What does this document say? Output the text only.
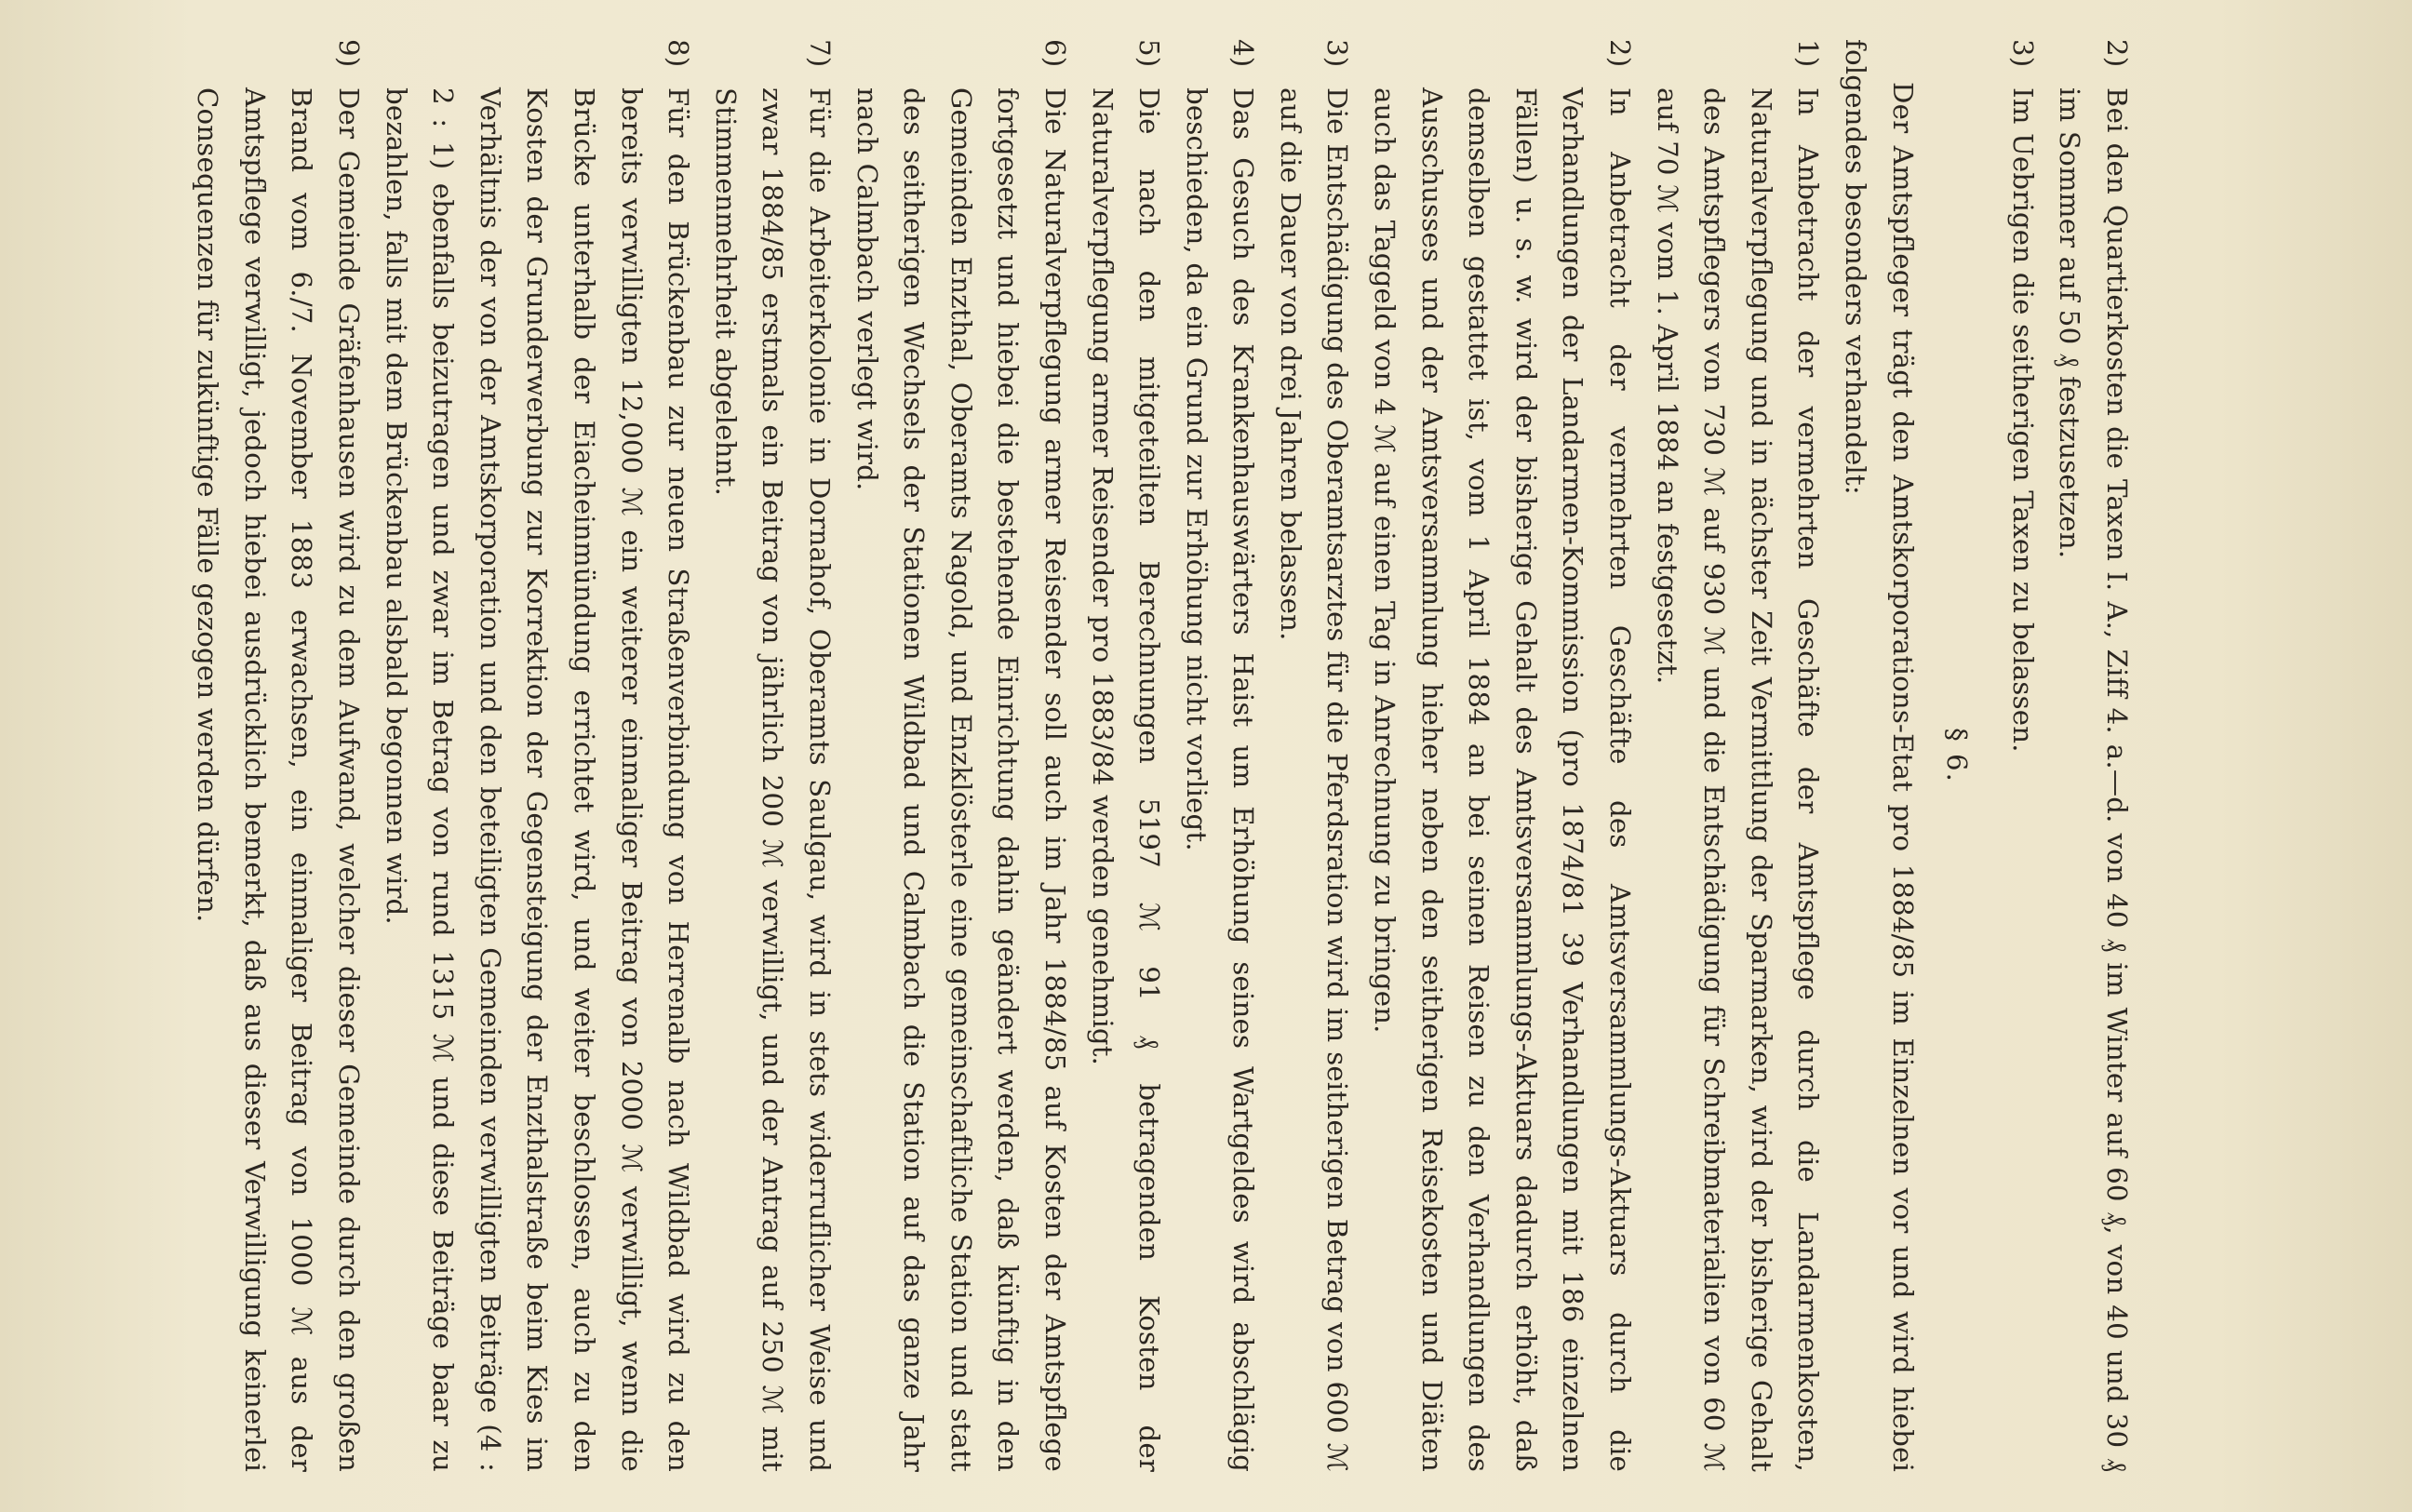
2)
Bei den Quartierkosten die Taxen I. A., Ziff 4. a.—d. von 40 ₰ im Winter auf 60 ₰, von 40 und 30 ₰ im Sommer auf 50 ₰ festzusetzen.
3)
Im Uebrigen die seitherigen Taxen zu belassen.
§ 6.

Der Amtspfleger trägt den Amtskorporations-Etat pro 1884/85 im Einzelnen vor und wird hiebei folgendes besonders verhandelt:

1)
In Anbetracht der vermehrten Geschäfte der Amtspflege durch die Landarmenkosten, Naturalverpflegung und in nächster Zeit Vermittlung der Sparmarken, wird der bisherige Gehalt des Amtspflegers von 730 ℳ auf 930 ℳ und die Entschädigung für Schreibmaterialien von 60 ℳ auf 70 ℳ vom 1. April 1884 an festgesetzt.
2)
In Anbetracht der vermehrten Geschäfte des Amtsversammlungs-Aktuars durch die Verhandlungen der Landarmen-Kommission (pro 1874/81 39 Verhandlungen mit 186 einzelnen Fällen) u. s. w. wird der bisherige Gehalt des Amtsversammlungs-Aktuars dadurch erhöht, daß demselben gestattet ist, vom 1 April 1884 an bei seinen Reisen zu den Verhandlungen des Ausschusses und der Amtsversammlung hieher neben den seitherigen Reisekosten und Diäten auch das Taggeld von 4 ℳ auf einen Tag in Anrechnung zu bringen.
3)
Die Entschädigung des Oberamtsarztes für die Pferdsration wird im seitherigen Betrag von 600 ℳ auf die Dauer von drei Jahren belassen.
4)
Das Gesuch des Krankenhauswärters Haist um Erhöhung seines Wartgeldes wird abschlägig beschieden, da ein Grund zur Erhöhung nicht vorliegt.
5)
Die nach den mitgeteilten Berechnungen 5197 ℳ 91 ₰ betragenden Kosten der Naturalverpflegung armer Reisender pro 1883/84 werden genehmigt.
6)
Die Naturalverpflegung armer Reisender soll auch im Jahr 1884/85 auf Kosten der Amtspflege fortgesetzt und hiebei die bestehende Einrichtung dahin geändert werden, daß künftig in den Gemeinden Enzthal, Oberamts Nagold, und Enzklösterle eine gemeinschaftliche Station und statt des seitherigen Wechsels der Stationen Wildbad und Calmbach die Station auf das ganze Jahr nach Calmbach verlegt wird.
7)
Für die Arbeiterkolonie in Dornahof, Oberamts Saulgau, wird in stets widerruflicher Weise und zwar 1884/85 erstmals ein Beitrag von jährlich 200 ℳ verwilligt, und der Antrag auf 250 ℳ mit Stimmenmehrheit abgelehnt.
8)
Für den Brückenbau zur neuen Straßenverbindung von Herrenalb nach Wildbad wird zu den bereits verwilligten 12,000 ℳ ein weiterer einmaliger Beitrag von 2000 ℳ verwilligt, wenn die Brücke unterhalb der Eiacheinmündung errichtet wird, und weiter beschlossen, auch zu den Kosten der Grunderwerbung zur Korrektion der Gegensteigung der Enzthalstraße beim Kies im Verhältnis der von der Amtskorporation und den beteiligten Gemeinden verwilligten Beiträge (4 : 2 : 1) ebenfalls beizutragen und zwar im Betrag von rund 1315 ℳ und diese Beiträge baar zu bezahlen, falls mit dem Brückenbau alsbald begonnen wird.
9)
Der Gemeinde Gräfenhausen wird zu dem Aufwand, welcher dieser Gemeinde durch den großen Brand vom 6./7. November 1883 erwachsen, ein einmaliger Beitrag von 1000 ℳ aus der Amtspflege verwilligt, jedoch hiebei ausdrücklich bemerkt, daß aus dieser Verwilligung keinerlei Consequenzen für zukünftige Fälle gezogen werden dürfen.
